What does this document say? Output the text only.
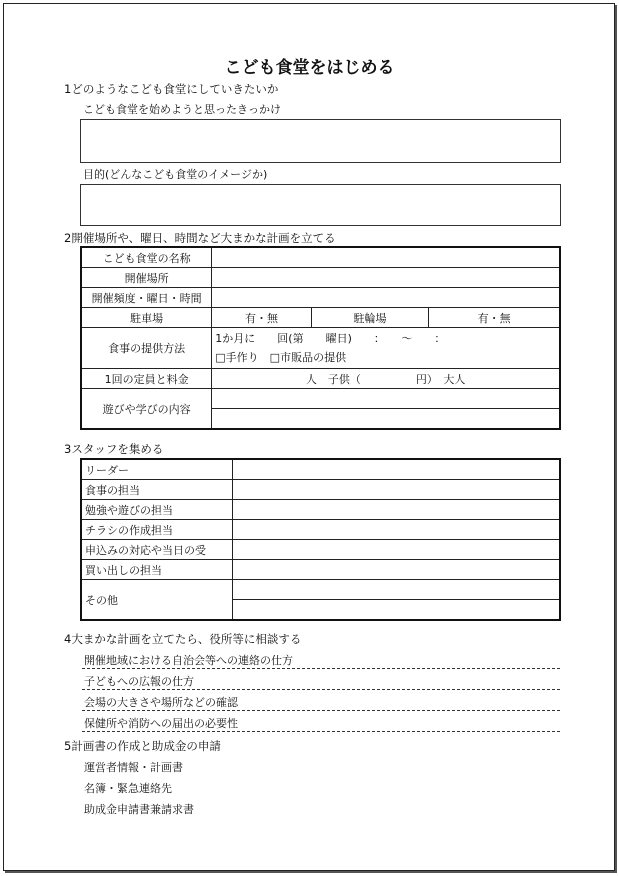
こども食堂をはじめる
1どのようなこども食堂にしていきたいか
こども食堂を始めようと思ったきっかけ
目的(どんなこども食堂のイメージか)
2開催場所や、曜日、時間など大まかな計画を立てる
こども食堂の名称			
開催場所			
開催頻度・曜日・時間			
駐車場	有・無	駐輪場	有・無
食事の提供方法	1か月に　　回(第　　曜日)　　：　　～　　：
□手作り　□市販品の提供		

1回の定員と料金	人　子供（　　　　　円）　大人		
遊びや学びの内容			

3スタッフを集める
リーダー	
食事の担当	
勉強や遊びの担当	
チラシの作成担当	
申込みの対応や当日の受	
買い出しの担当	
その他	

4大まかな計画を立てたら、役所等に相談する
開催地域における自治会等への連絡の仕方
子どもへの広報の仕方
会場の大きさや場所などの確認
保健所や消防への届出の必要性
5計画書の作成と助成金の申請
運営者情報・計画書
名簿・緊急連絡先
助成金申請書兼請求書
